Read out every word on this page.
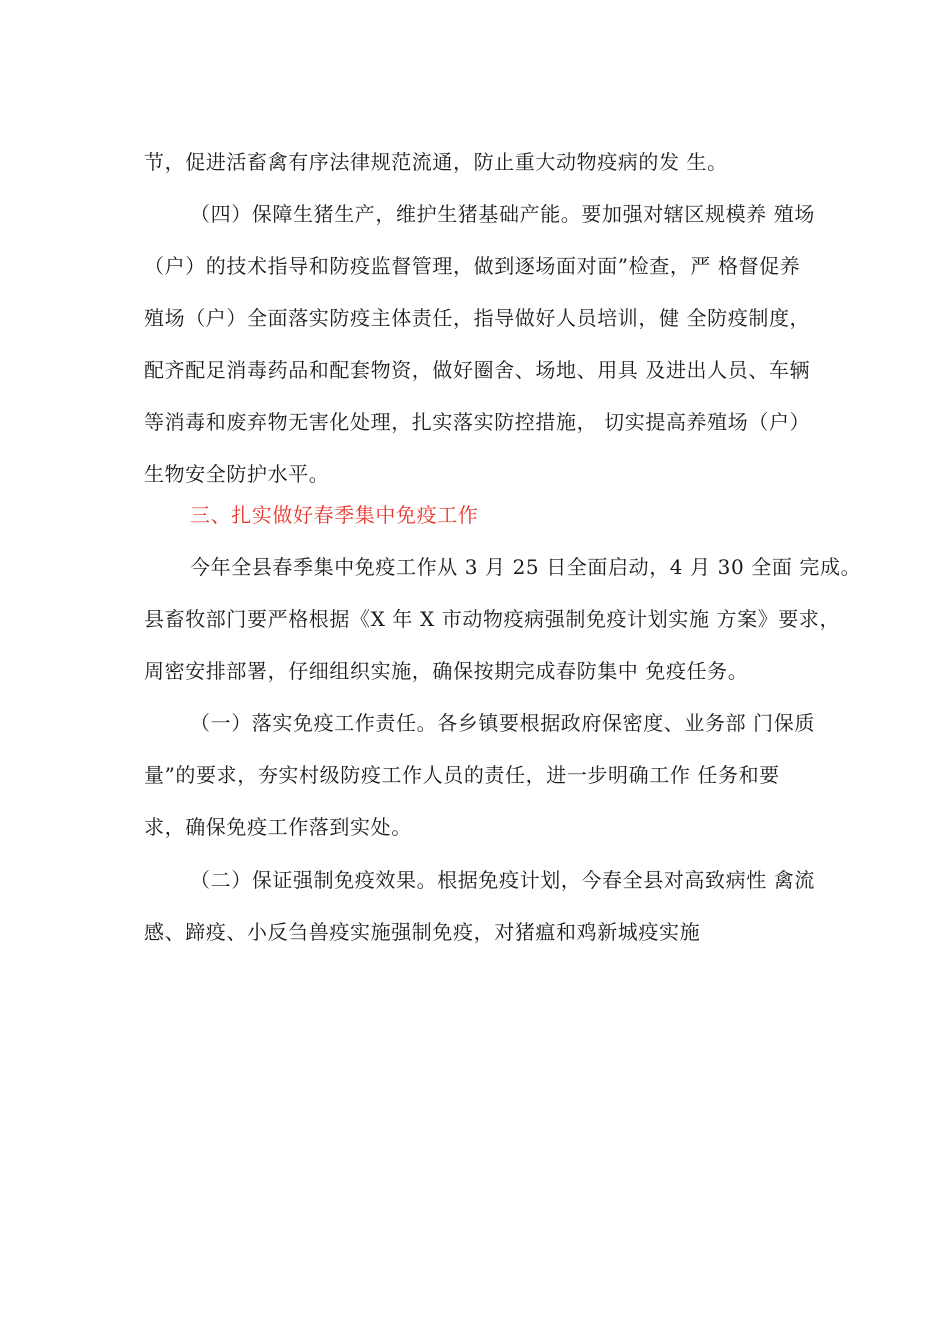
节，促进活畜禽有序法律规范流通，防止重大动物疫病的发 生。
（四）保障生猪生产，维护生猪基础产能。要加强对辖区规模养 殖场
（户）的技术指导和防疫监督管理，做到逐场面对面”检查，严 格督促养
殖场（户）全面落实防疫主体责任，指导做好人员培训，健 全防疫制度，
配齐配足消毒药品和配套物资，做好圈舍、场地、用具 及进出人员、车辆
等消毒和废弃物无害化处理，扎实落实防控措施， 切实提高养殖场（户）
生物安全防护水平。
三、扎实做好春季集中免疫工作
今年全县春季集中免疫工作从 3 月 25 日全面启动，4 月 30 全面 完成。
县畜牧部门要严格根据《X 年 X 市动物疫病强制免疫计划实施 方案》要求，
周密安排部署，仔细组织实施，确保按期完成春防集中 免疫任务。
（一）落实免疫工作责任。各乡镇要根据政府保密度、业务部 门保质
量”的要求，夯实村级防疫工作人员的责任，进一步明确工作 任务和要
求，确保免疫工作落到实处。
（二）保证强制免疫效果。根据免疫计划，今春全县对高致病性 禽流
感、蹄疫、小反刍兽疫实施强制免疫，对猪瘟和鸡新城疫实施
